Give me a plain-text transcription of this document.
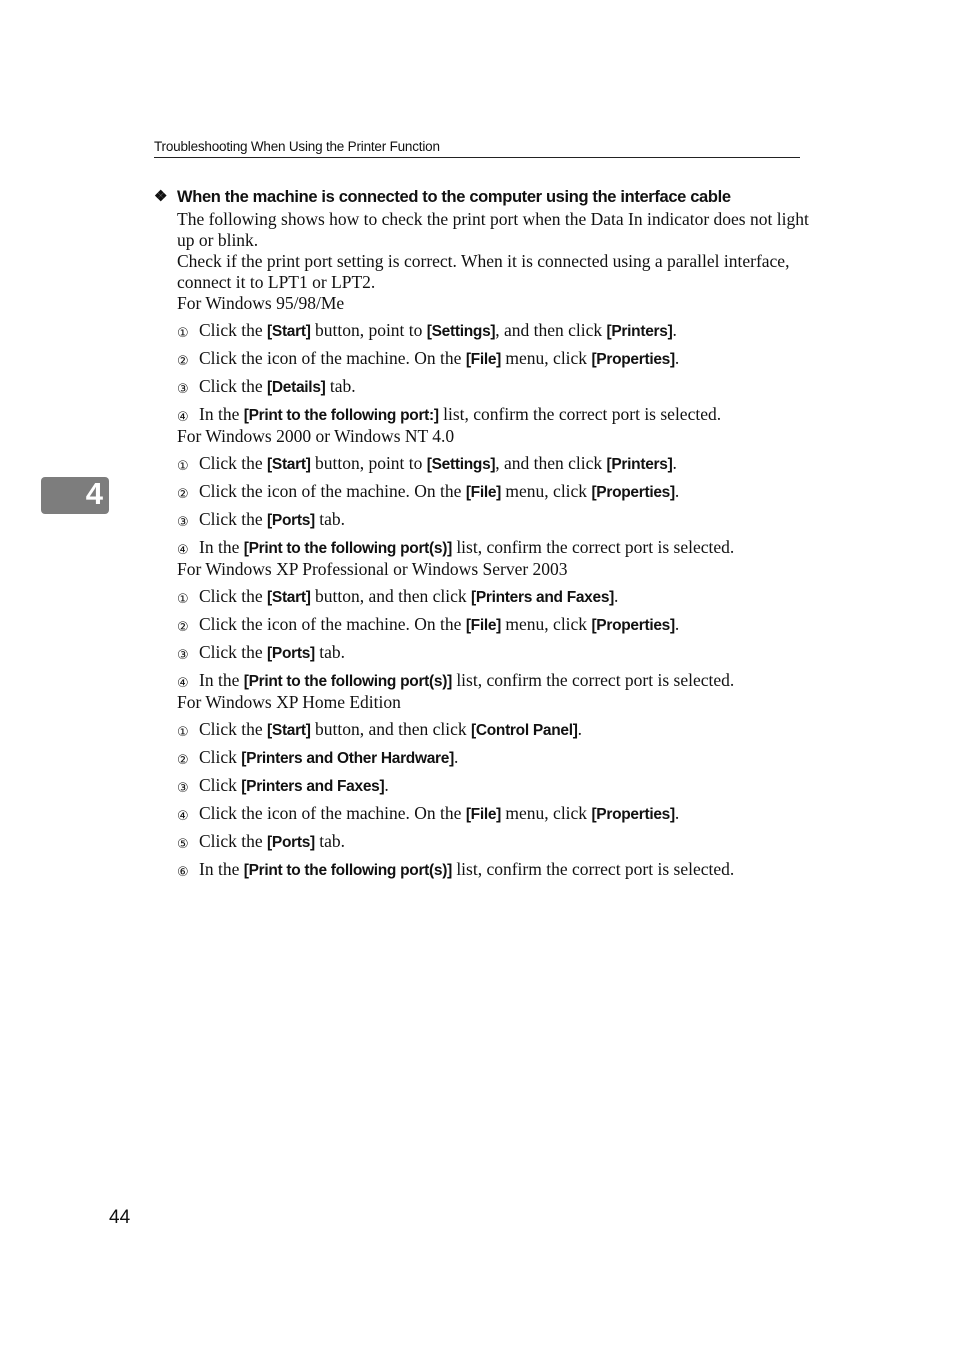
Troubleshooting When Using the Printer Function
4
❖ When the machine is connected to the computer using the interface cable
The following shows how to check the print port when the Data In indicator does not light up or blink.
Check if the print port setting is correct. When it is connected using a parallel interface, connect it to LPT1 or LPT2.
For Windows 95/98/Me
① Click the [Start] button, point to [Settings], and then click [Printers].
② Click the icon of the machine. On the [File] menu, click [Properties].
③ Click the [Details] tab.
④ In the [Print to the following port:] list, confirm the correct port is selected.
For Windows 2000 or Windows NT 4.0
① Click the [Start] button, point to [Settings], and then click [Printers].
② Click the icon of the machine. On the [File] menu, click [Properties].
③ Click the [Ports] tab.
④ In the [Print to the following port(s)] list, confirm the correct port is selected.
For Windows XP Professional or Windows Server 2003
① Click the [Start] button, and then click [Printers and Faxes].
② Click the icon of the machine. On the [File] menu, click [Properties].
③ Click the [Ports] tab.
④ In the [Print to the following port(s)] list, confirm the correct port is selected.
For Windows XP Home Edition
① Click the [Start] button, and then click [Control Panel].
② Click [Printers and Other Hardware].
③ Click [Printers and Faxes].
④ Click the icon of the machine. On the [File] menu, click [Properties].
⑤ Click the [Ports] tab.
⑥ In the [Print to the following port(s)] list, confirm the correct port is selected.
44
